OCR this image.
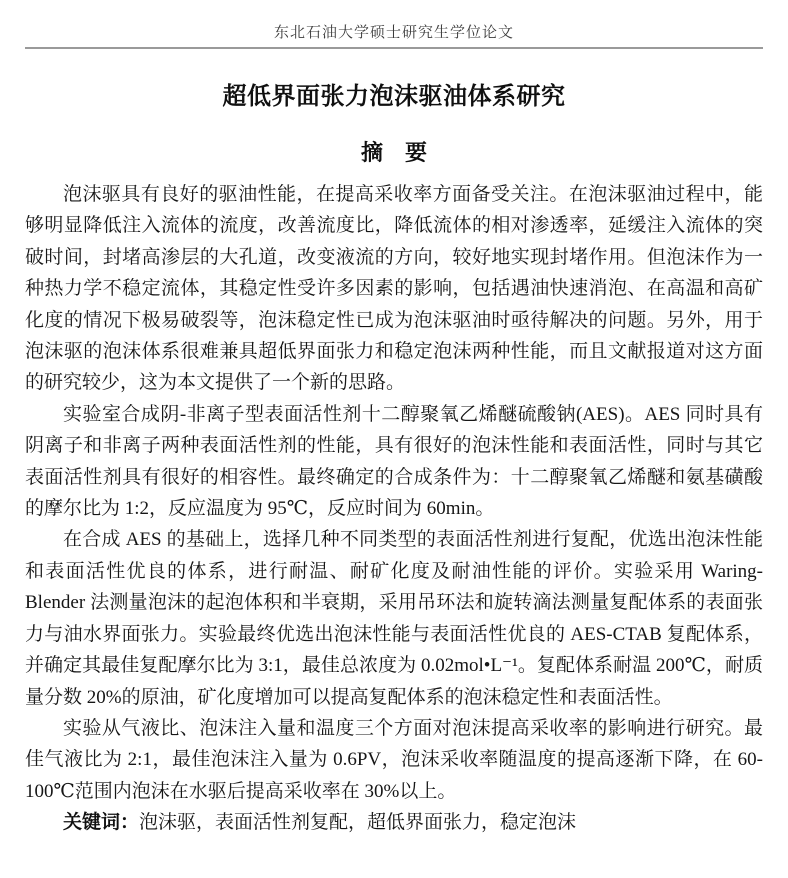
东北石油大学硕士研究生学位论文
超低界面张力泡沫驱油体系研究
摘　要

泡沫驱具有良好的驱油性能，在提高采收率方面备受关注。在泡沫驱油过程中，能够明显降低注入流体的流度，改善流度比，降低流体的相对渗透率，延缓注入流体的突破时间，封堵高渗层的大孔道，改变液流的方向，较好地实现封堵作用。但泡沫作为一种热力学不稳定流体，其稳定性受许多因素的影响，包括遇油快速消泡、在高温和高矿化度的情况下极易破裂等，泡沫稳定性已成为泡沫驱油时亟待解决的问题。另外，用于泡沫驱的泡沫体系很难兼具超低界面张力和稳定泡沫两种性能，而且文献报道对这方面的研究较少，这为本文提供了一个新的思路。

实验室合成阴-非离子型表面活性剂十二醇聚氧乙烯醚硫酸钠(AES)。AES 同时具有阴离子和非离子两种表面活性剂的性能，具有很好的泡沫性能和表面活性，同时与其它表面活性剂具有很好的相容性。最终确定的合成条件为：十二醇聚氧乙烯醚和氨基磺酸的摩尔比为 1:2，反应温度为 95℃，反应时间为 60min。

在合成 AES 的基础上，选择几种不同类型的表面活性剂进行复配，优选出泡沫性能和表面活性优良的体系，进行耐温、耐矿化度及耐油性能的评价。实验采用 Waring-Blender 法测量泡沫的起泡体积和半衰期，采用吊环法和旋转滴法测量复配体系的表面张力与油水界面张力。实验最终优选出泡沫性能与表面活性优良的 AES-CTAB 复配体系，并确定其最佳复配摩尔比为 3:1，最佳总浓度为 0.02mol•L⁻¹。复配体系耐温 200℃，耐质量分数 20%的原油，矿化度增加可以提高复配体系的泡沫稳定性和表面活性。

实验从气液比、泡沫注入量和温度三个方面对泡沫提高采收率的影响进行研究。最佳气液比为 2:1，最佳泡沫注入量为 0.6PV，泡沫采收率随温度的提高逐渐下降，在 60-100℃范围内泡沫在水驱后提高采收率在 30%以上。

关键词：泡沫驱，表面活性剂复配，超低界面张力，稳定泡沫
